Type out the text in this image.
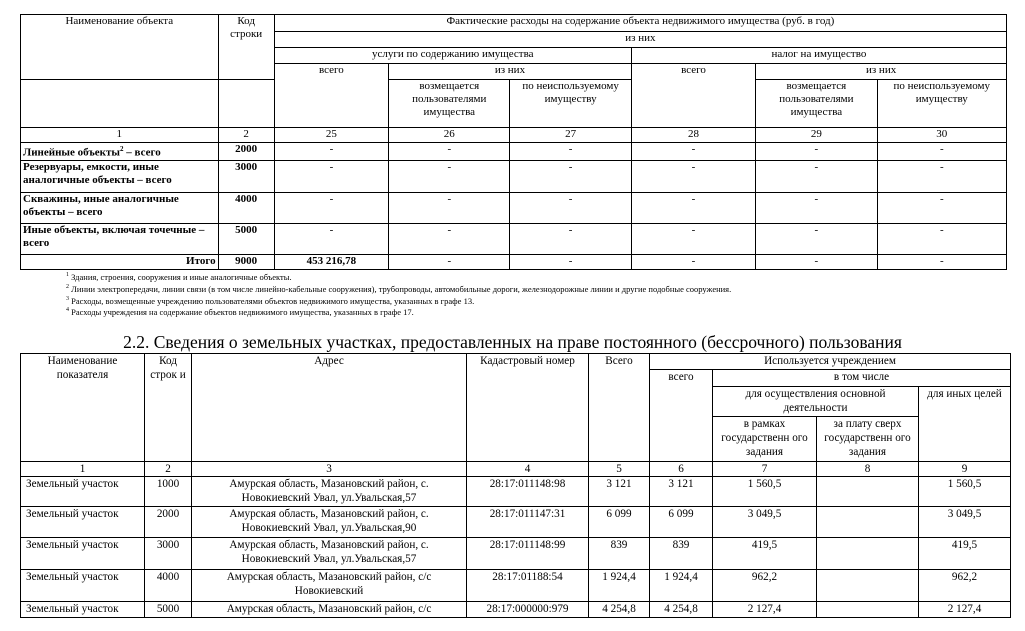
Наименование объекта	Код строки	Фактические расходы на содержание объекта недвижимого имущества (руб. в год)					
		из них					
		услуги по содержанию имущества			налог на имущество		
		всего	из них		всего	из них	
			возмещается пользователями имущества	по неиспользуемому имуществу		возмещается пользователями имущества	по неиспользуемому имуществу
1	2	25	26	27	28	29	30
Линейные объекты$^2$ – всего	2000	-	-	-	-	-	-
Резервуары, емкости, иные аналогичные объекты – всего	3000	-	-	-	-	-	-
Скважины, иные аналогичные объекты – всего	4000	-	-	-	-	-	-
Иные объекты, включая точечные – всего	5000	-	-	-	-	-	-
Итого	9000	453 216,78	-	-	-	-	-
$^1$ Здания, строения, сооружения и иные аналогичные объекты.
$^2$ Линии электропередачи, линии связи (в том числе линейно-кабельные сооружения), трубопроводы, автомобильные дороги, железнодорожные линии и другие подобные сооружения.
$^3$ Расходы, возмещенные учреждению пользователями объектов недвижимого имущества, указанных в графе 13.
$^4$ Расходы учреждения на содержание объектов недвижимого имущества, указанных в графе 17.
2.2. Сведения о земельных участках, предоставленных на праве постоянного (бессрочного) пользования
Наименование показателя	Код строк и	Адрес	Кадастровый номер	Всего	Используется учреждением			
					всего	в том числе		
						для осуществления основной деятельности		для иных целей
						в рамках государственн ого задания	за плату сверх государственн ого задания	
1	2	3	4	5	6	7	8	9
Земельный участок	1000	Амурская область, Мазановский район, с. Новокиевский Увал, ул.Увальская,57	28:17:011148:98	3 121	3 121	1 560,5		1 560,5
Земельный участок	2000	Амурская область, Мазановский район, с. Новокиевский Увал, ул.Увальская,90	28:17:011147:31	6 099	6 099	3 049,5		3 049,5
Земельный участок	3000	Амурская область, Мазановский район, с. Новокиевский Увал, ул.Увальская,57	28:17:011148:99	839	839	419,5		419,5
Земельный участок	4000	Амурская область, Мазановский район, с/с Новокиевский	28:17:01188:54	1 924,4	1 924,4	962,2		962,2
Земельный участок	5000	Амурская область, Мазановский район, с/с	28:17:000000:979	4 254,8	4 254,8	2 127,4		2 127,4
